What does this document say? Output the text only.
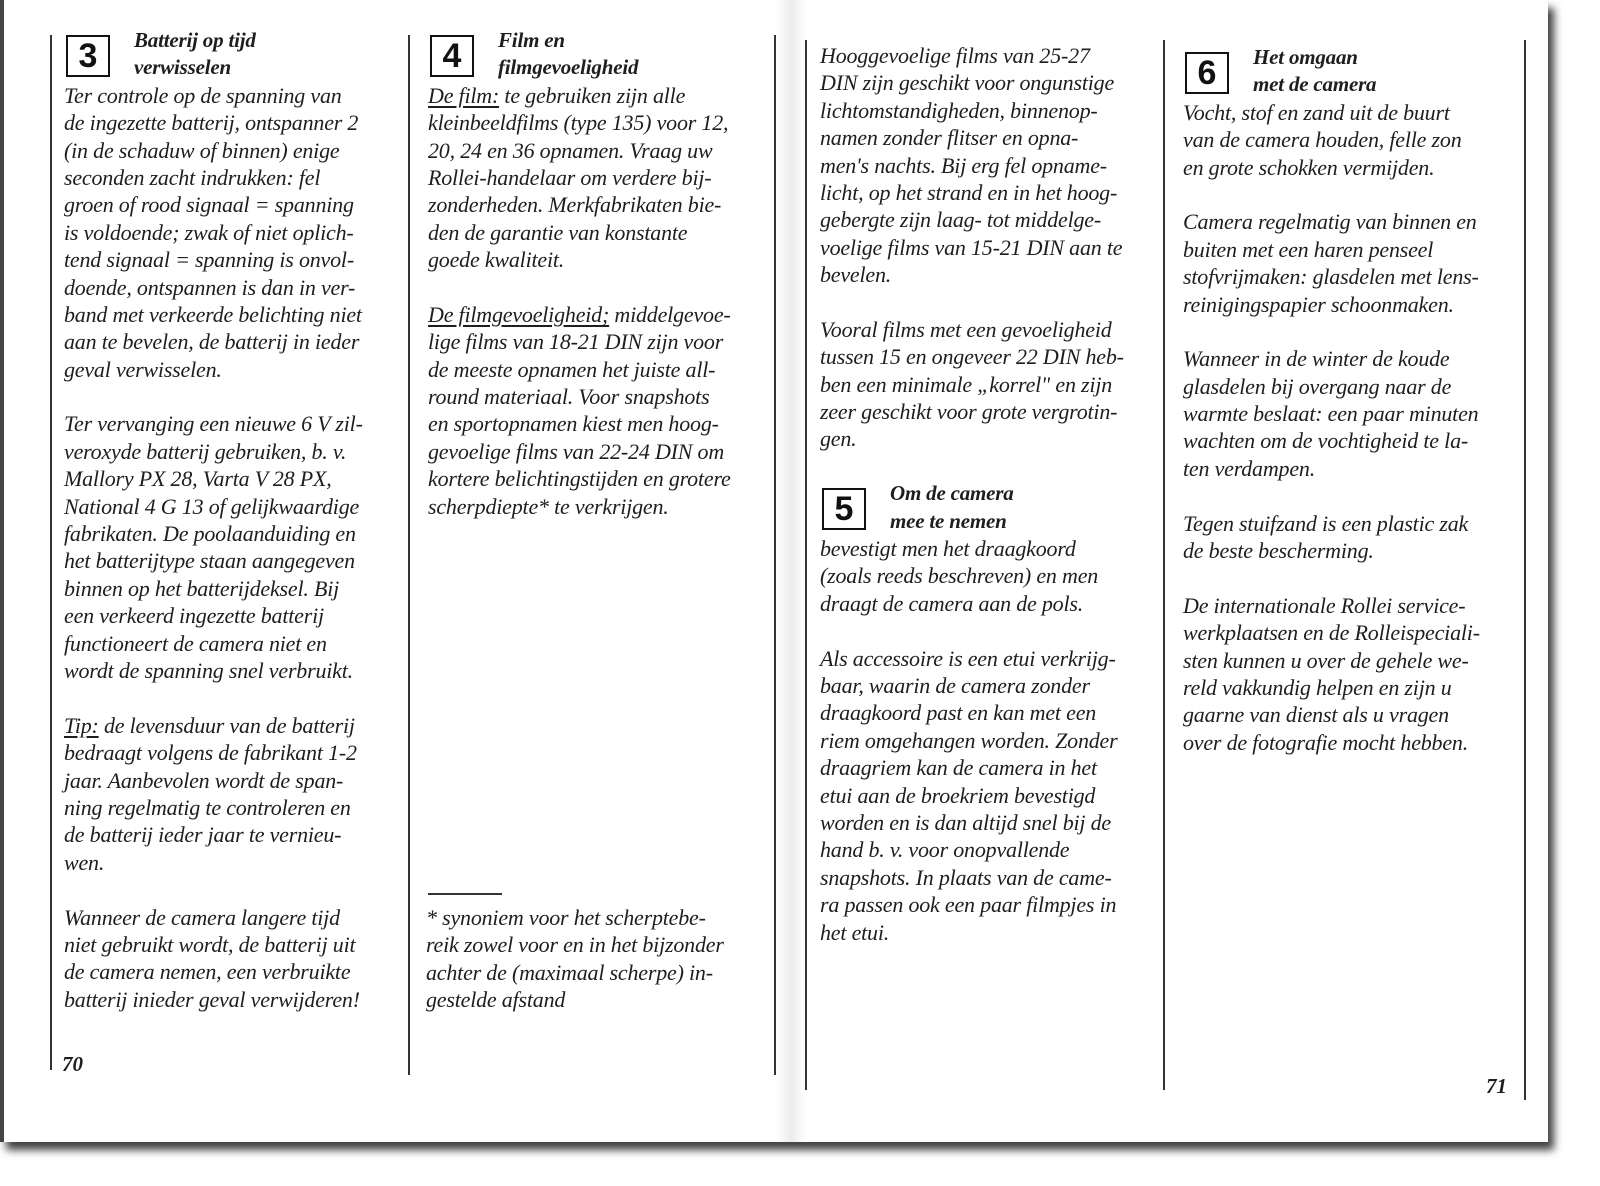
3	Batterij op tijd
verwisselen
Ter controle op de spanning van
de ingezette batterij, ontspanner 2
(in de schaduw of binnen) enige
seconden zacht indrukken: fel
groen of rood signaal = spanning
is voldoende; zwak of niet oplich-
tend signaal = spanning is onvol-
doende, ontspannen is dan in ver-
band met verkeerde belichting niet
aan te bevelen, de batterij in ieder
geval verwisselen.
Ter vervanging een nieuwe 6 V zil-
veroxyde batterij gebruiken, b. v.
Mallory PX 28, Varta V 28 PX,
National 4 G 13 of gelijkwaardige
fabrikaten. De poolaanduiding en
het batterijtype staan aangegeven
binnen op het batterijdeksel. Bij
een verkeerd ingezette batterij
functioneert de camera niet en
wordt de spanning snel verbruikt.
Tip: de levensduur van de batterij
bedraagt volgens de fabrikant 1-2
jaar. Aanbevolen wordt de span-
ning regelmatig te controleren en
de batterij ieder jaar te vernieu-
wen.
Wanneer de camera langere tijd
niet gebruikt wordt, de batterij uit
de camera nemen, een verbruikte
batterij inieder geval verwijderen!
4	Film en
filmgevoeligheid
De film: te gebruiken zijn alle
kleinbeeldfilms (type 135) voor 12,
20, 24 en 36 opnamen. Vraag uw
Rollei-handelaar om verdere bij-
zonderheden. Merkfabrikaten bie-
den de garantie van konstante
goede kwaliteit.
De filmgevoeligheid; middelgevoe-
lige films van 18-21 DIN zijn voor
de meeste opnamen het juiste all-
round materiaal. Voor snapshots
en sportopnamen kiest men hoog-
gevoelige films van 22-24 DIN om
kortere belichtingstijden en grotere
scherpdiepte* te verkrijgen.
Hooggevoelige films van 25-27
DIN zijn geschikt voor ongunstige
lichtomstandigheden, binnenop-
namen zonder flitser en opna-
men's nachts. Bij erg fel opname-
licht, op het strand en in het hoog-
gebergte zijn laag- tot middelge-
voelige films van 15-21 DIN aan te
bevelen.
Vooral films met een gevoeligheid
tussen 15 en ongeveer 22 DIN heb-
ben een minimale „korrel" en zijn
zeer geschikt voor grote vergrotin-
gen.
5	Om de camera
mee te nemen
bevestigt men het draagkoord
(zoals reeds beschreven) en men
draagt de camera aan de pols.
Als accessoire is een etui verkrijg-
baar, waarin de camera zonder
draagkoord past en kan met een
riem omgehangen worden. Zonder
draagriem kan de camera in het
etui aan de broekriem bevestigd
worden en is dan altijd snel bij de
hand b. v. voor onopvallende
snapshots. In plaats van de came-
ra passen ook een paar filmpjes in
het etui.
6	Het omgaan
met de camera
Vocht, stof en zand uit de buurt
van de camera houden, felle zon
en grote schokken vermijden.
Camera regelmatig van binnen en
buiten met een haren penseel
stofvrijmaken: glasdelen met lens-
reinigingspapier schoonmaken.
Wanneer in de winter de koude
glasdelen bij overgang naar de
warmte beslaat: een paar minuten
wachten om de vochtigheid te la-
ten verdampen.
Tegen stuifzand is een plastic zak
de beste bescherming.
De internationale Rollei service-
werkplaatsen en de Rolleispeciali-
sten kunnen u over de gehele we-
reld vakkundig helpen en zijn u
gaarne van dienst als u vragen
over de fotografie mocht hebben.
* synoniem voor het scherptebe-
reik zowel voor en in het bijzonder
achter de (maximaal scherpe) in-
gestelde afstand
70
71
